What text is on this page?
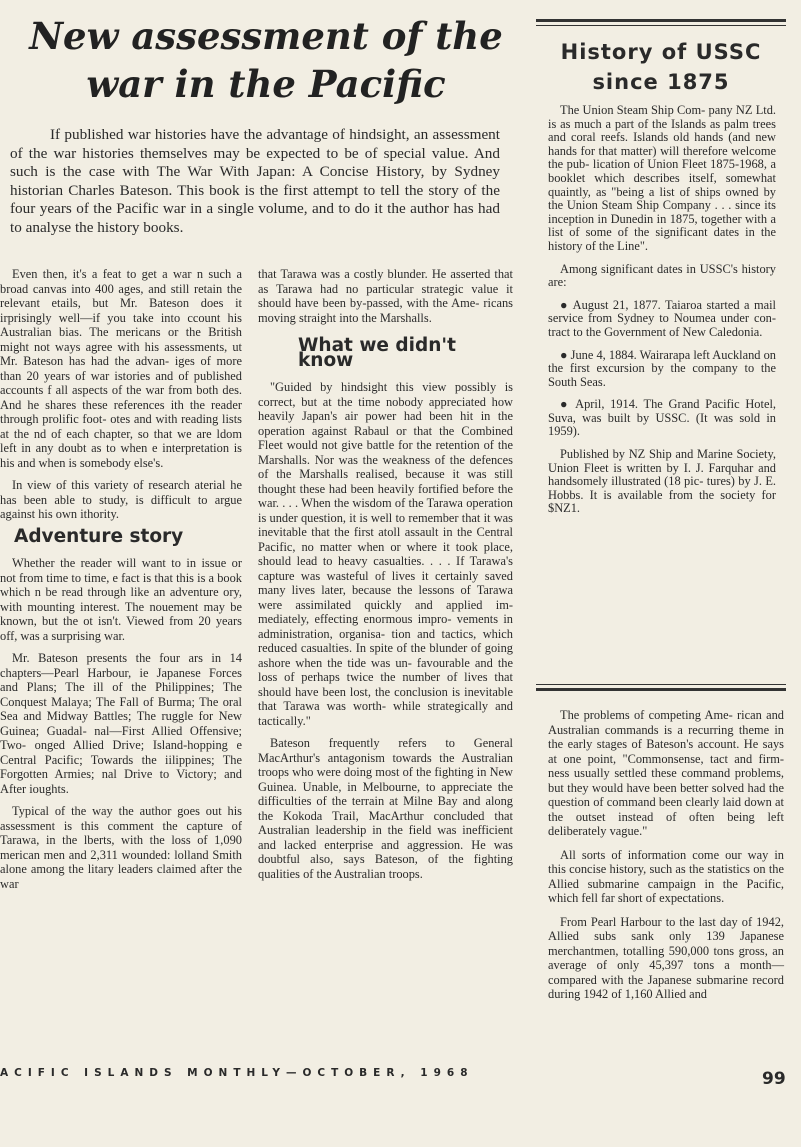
New assessment of the
war in the Pacific

If published war histories have the advantage of hindsight, an assessment of the war histories themselves may be expected to be of special value. And such is the case with The War With Japan: A Concise History, by Sydney historian Charles Bateson. This book is the first attempt to tell the story of the four years of the Pacific war in a single volume, and to do it the author has had to analyse the history books.

Even then, it's a feat to get a war n such a broad canvas into 400 ages, and still retain the relevant etails, but Mr. Bateson does it irprisingly well—if you take into ccount his Australian bias. The mericans or the British might not ways agree with his assessments, ut Mr. Bateson has had the advan- iges of more than 20 years of war istories and of published accounts f all aspects of the war from both des. And he shares these references ith the reader through prolific foot- otes and with reading lists at the nd of each chapter, so that we are ldom left in any doubt as to when e interpretation is his and when is somebody else's.

In view of this variety of research aterial he has been able to study, is difficult to argue against his own ithority.

Adventure story

Whether the reader will want to in issue or not from time to time, e fact is that this is a book which n be read through like an adventure ory, with mounting interest. The nouement may be known, but the ot isn't. Viewed from 20 years off, was a surprising war.

Mr. Bateson presents the four ars in 14 chapters—Pearl Harbour, ie Japanese Forces and Plans; The ill of the Philippines; The Conquest Malaya; The Fall of Burma; The oral Sea and Midway Battles; The ruggle for New Guinea; Guadal- nal—First Allied Offensive; Two- onged Allied Drive; Island-hopping e Central Pacific; Towards the iilippines; The Forgotten Armies; nal Drive to Victory; and After ioughts.

Typical of the way the author goes out his assessment is this comment the capture of Tarawa, in the lberts, with the loss of 1,090 merican men and 2,311 wounded: lolland Smith alone among the litary leaders claimed after the war

that Tarawa was a costly blunder. He asserted that as Tarawa had no particular strategic value it should have been by-passed, with the Ame- ricans moving straight into the Marshalls.

What we didn't know

"Guided by hindsight this view possibly is correct, but at the time nobody appreciated how heavily Japan's air power had been hit in the operation against Rabaul or that the Combined Fleet would not give battle for the retention of the Marshalls. Nor was the weakness of the defences of the Marshalls realised, because it was still thought these had been heavily fortified before the war. . . . When the wisdom of the Tarawa operation is under question, it is well to remember that it was inevitable that the first atoll assault in the Central Pacific, no matter when or where it took place, should lead to heavy casualties. . . . If Tarawa's capture was wasteful of lives it certainly saved many lives later, because the lessons of Tarawa were assimilated quickly and applied im- mediately, effecting enormous impro- vements in administration, organisa- tion and tactics, which reduced casualties. In spite of the blunder of going ashore when the tide was un- favourable and the loss of perhaps twice the number of lives that should have been lost, the conclusion is inevitable that Tarawa was worth- while strategically and tactically."

Bateson frequently refers to General MacArthur's antagonism towards the Australian troops who were doing most of the fighting in New Guinea. Unable, in Melbourne, to appreciate the difficulties of the terrain at Milne Bay and along the Kokoda Trail, MacArthur concluded that Australian leadership in the field was inefficient and lacked enterprise and aggression. He was doubtful also, says Bateson, of the fighting qualities of the Australian troops.

History of USSC
since 1875

The Union Steam Ship Com- pany NZ Ltd. is as much a part of the Islands as palm trees and coral reefs. Islands old hands (and new hands for that matter) will therefore welcome the pub- lication of Union Fleet 1875-1968, a booklet which describes itself, somewhat quaintly, as "being a list of ships owned by the Union Steam Ship Company . . . since its inception in Dunedin in 1875, together with a list of some of the significant dates in the history of the Line".

Among significant dates in USSC's history are:

● August 21, 1877. Taiaroa started a mail service from Sydney to Noumea under con- tract to the Government of New Caledonia.

● June 4, 1884. Wairarapa left Auckland on the first excursion by the company to the South Seas.

● April, 1914. The Grand Pacific Hotel, Suva, was built by USSC. (It was sold in 1959).

Published by NZ Ship and Marine Society, Union Fleet is written by I. J. Farquhar and handsomely illustrated (18 pic- tures) by J. E. Hobbs. It is available from the society for $NZ1.

The problems of competing Ame- rican and Australian commands is a recurring theme in the early stages of Bateson's account. He says at one point, "Commonsense, tact and firm- ness usually settled these command problems, but they would have been better solved had the question of command been clearly laid down at the outset instead of often being left deliberately vague."

All sorts of information come our way in this concise history, such as the statistics on the Allied submarine campaign in the Pacific, which fell far short of expectations.

From Pearl Harbour to the last day of 1942, Allied subs sank only 139 Japanese merchantmen, totalling 590,000 tons gross, an average of only 45,397 tons a month—compared with the Japanese submarine record during 1942 of 1,160 Allied and

ACIFIC ISLANDS MONTHLY—OCTOBER, 1968	99
